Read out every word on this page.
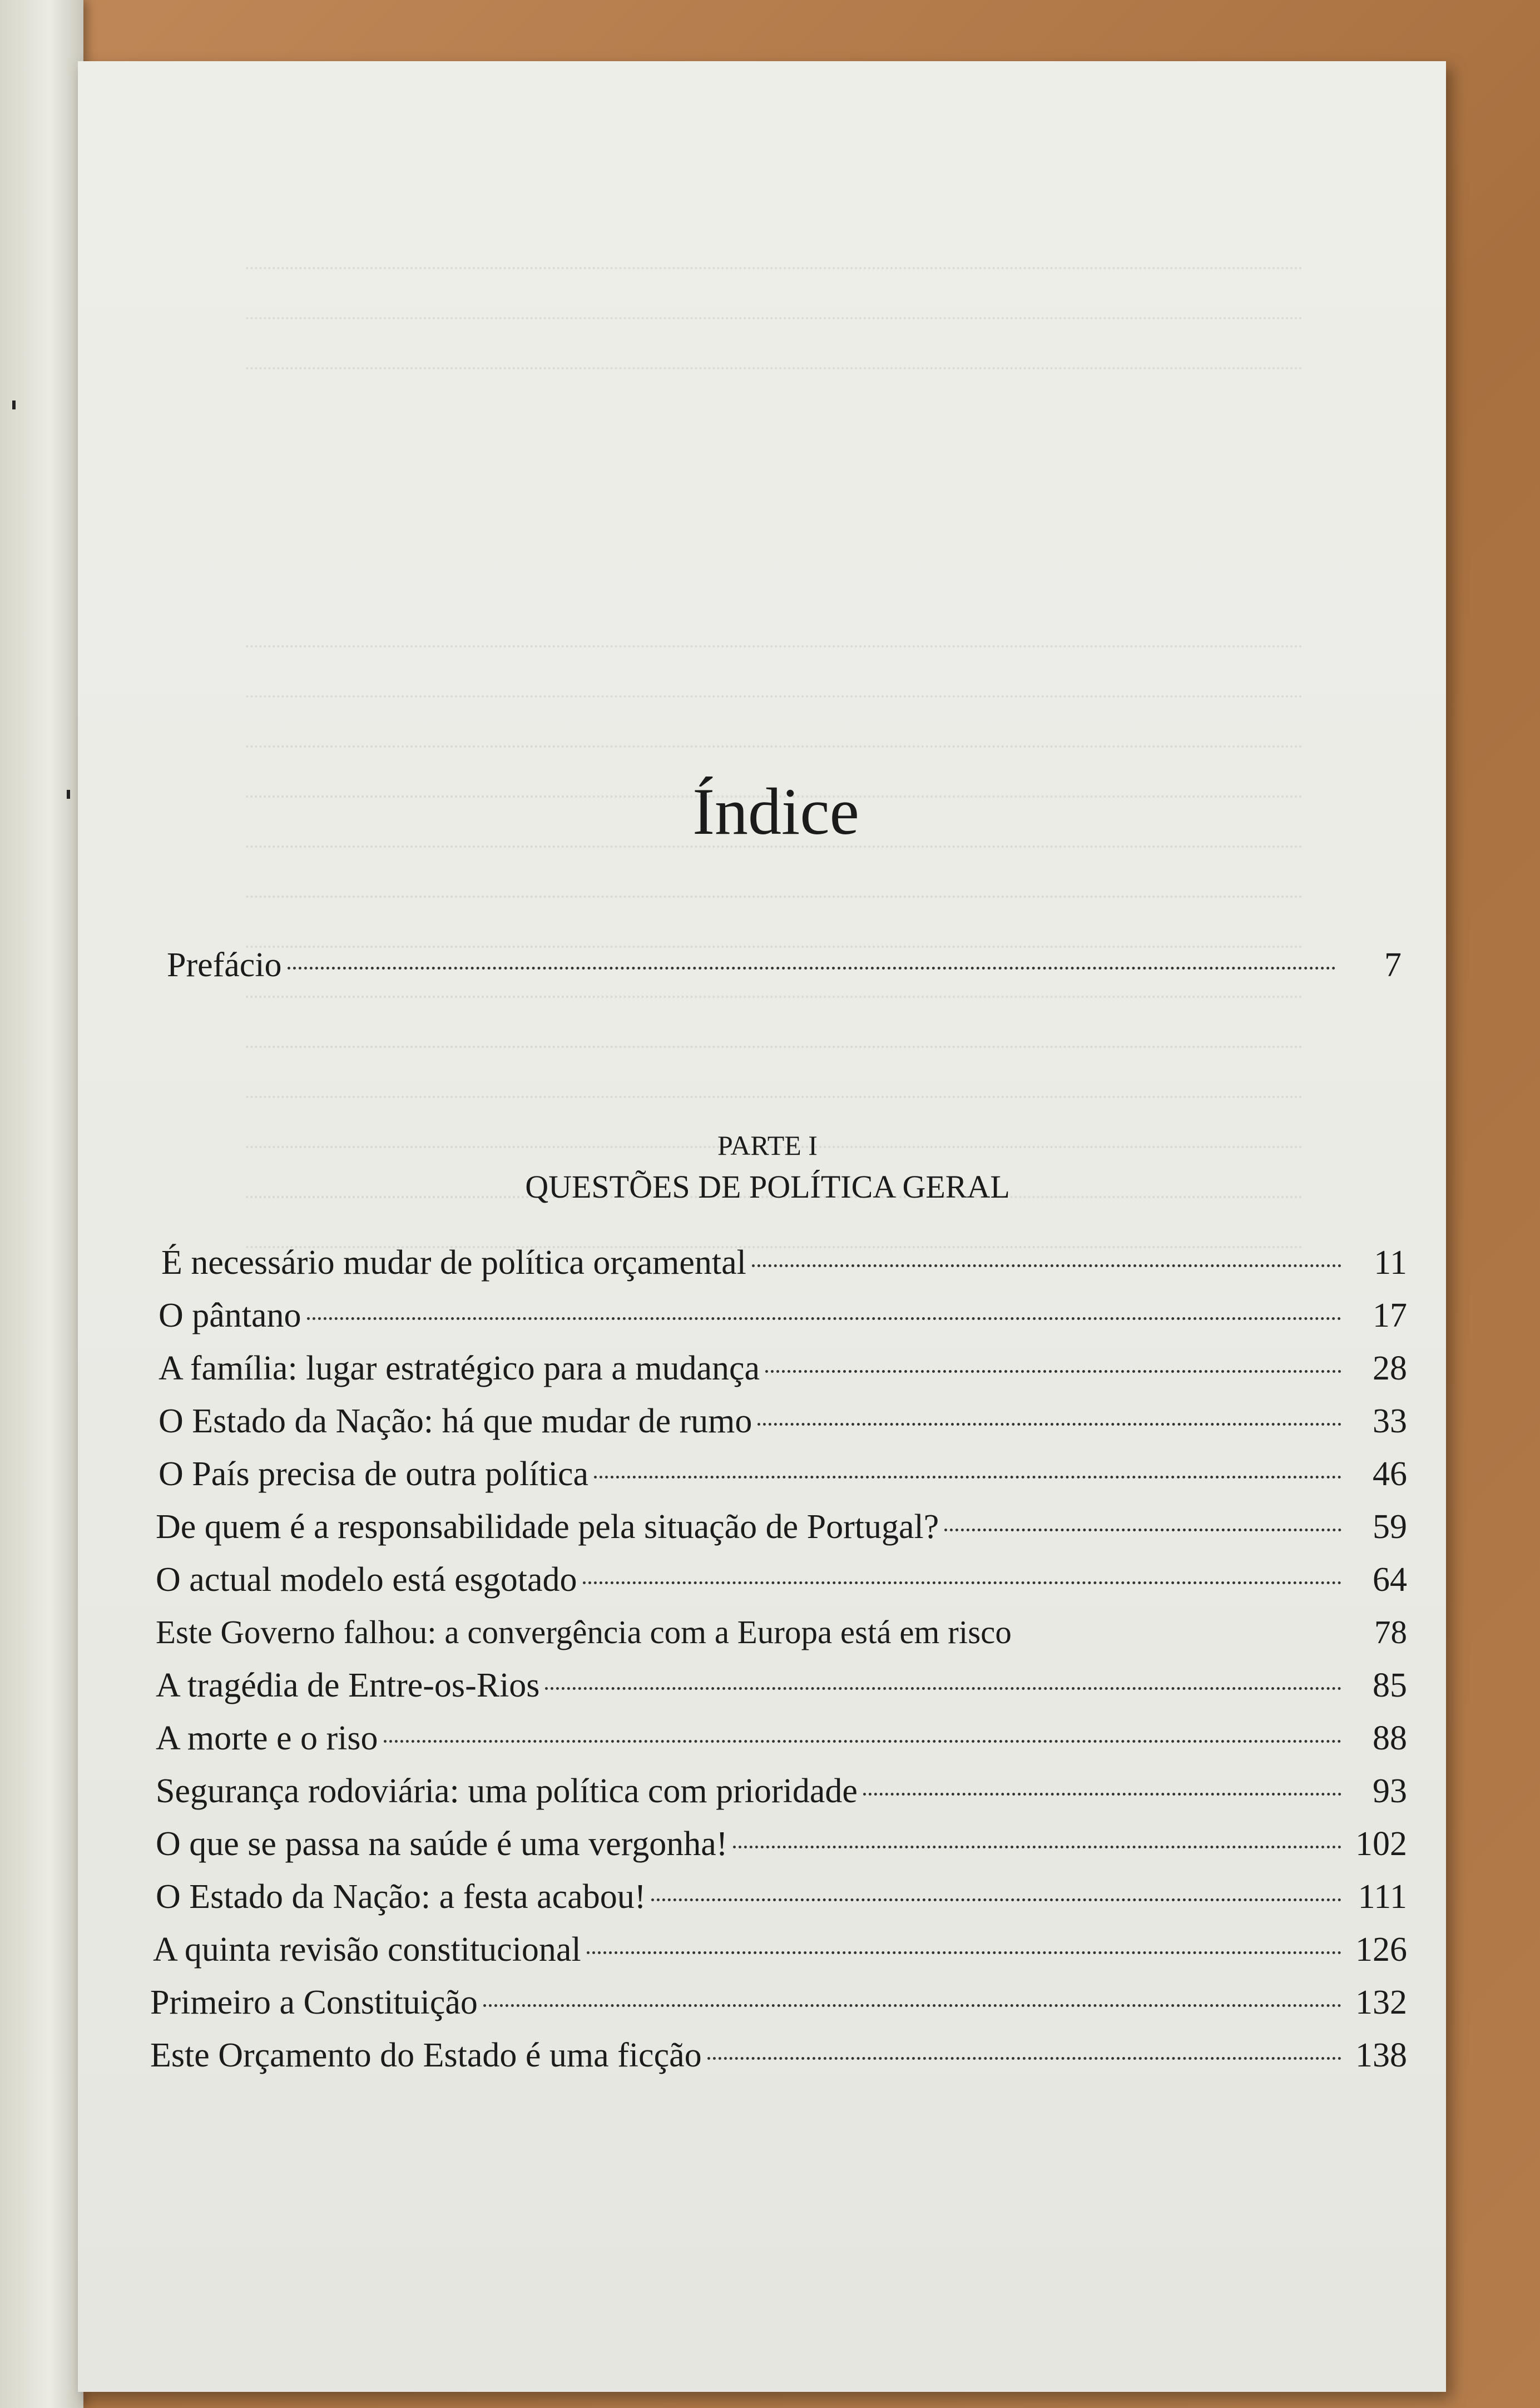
Índice
Prefácio	7
PARTE I
QUESTÕES DE POLÍTICA GERAL
É necessário mudar de política orçamental	11
O pântano	17
A família: lugar estratégico para a mudança	28
O Estado da Nação: há que mudar de rumo	33
O País precisa de outra política	46
De quem é a responsabilidade pela situação de Portugal?	59
O actual modelo está esgotado	64
Este Governo falhou: a convergência com a Europa está em risco	78
A tragédia de Entre-os-Rios	85
A morte e o riso	88
Segurança rodoviária: uma política com prioridade	93
O que se passa na saúde é uma vergonha!	102
O Estado da Nação: a festa acabou!	111
A quinta revisão constitucional	126
Primeiro a Constituição	132
Este Orçamento do Estado é uma ficção	138
